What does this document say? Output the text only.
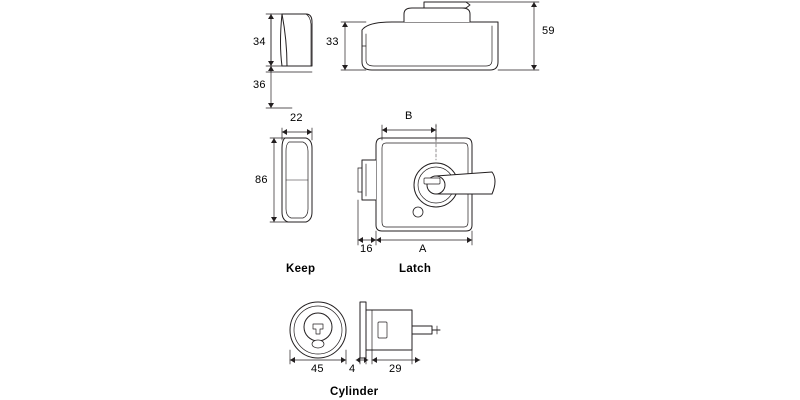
34
36
33
59
22
86
B
16	A
45 4	29
Keep	Latch
Cylinder
